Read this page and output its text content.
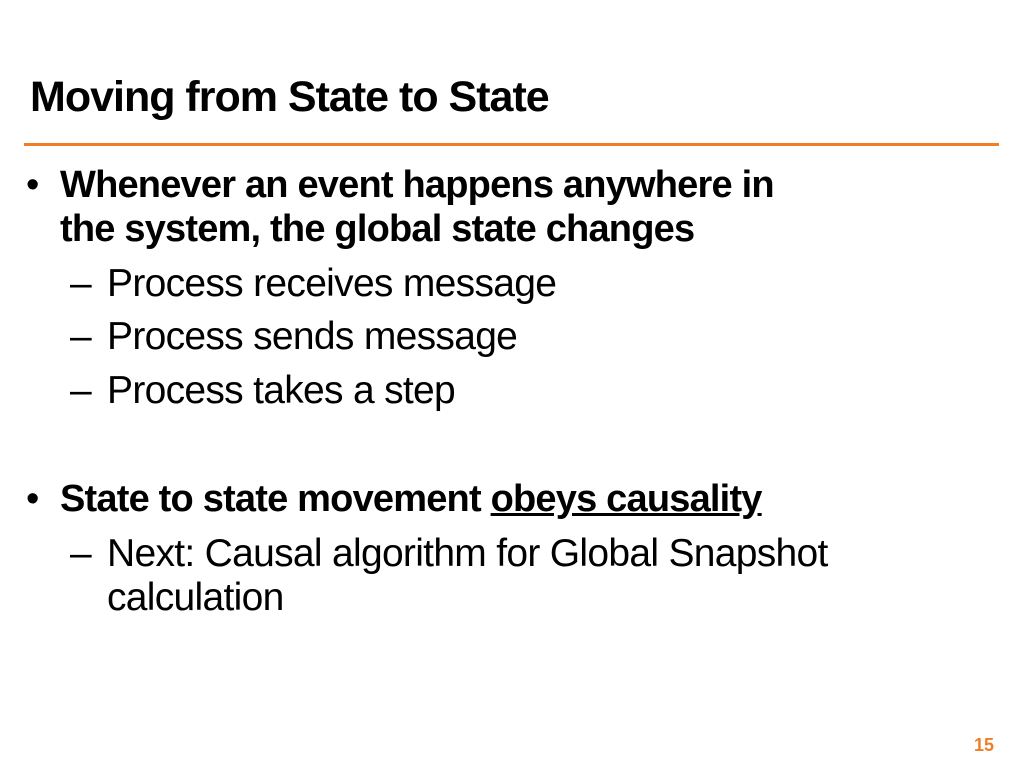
Moving from State to State
• Whenever an event happens anywhere in
the system, the global state changes
– Process receives message
– Process sends message
– Process takes a step
• State to state movement obeys causality
– Next: Causal algorithm for Global Snapshot
calculation
15
